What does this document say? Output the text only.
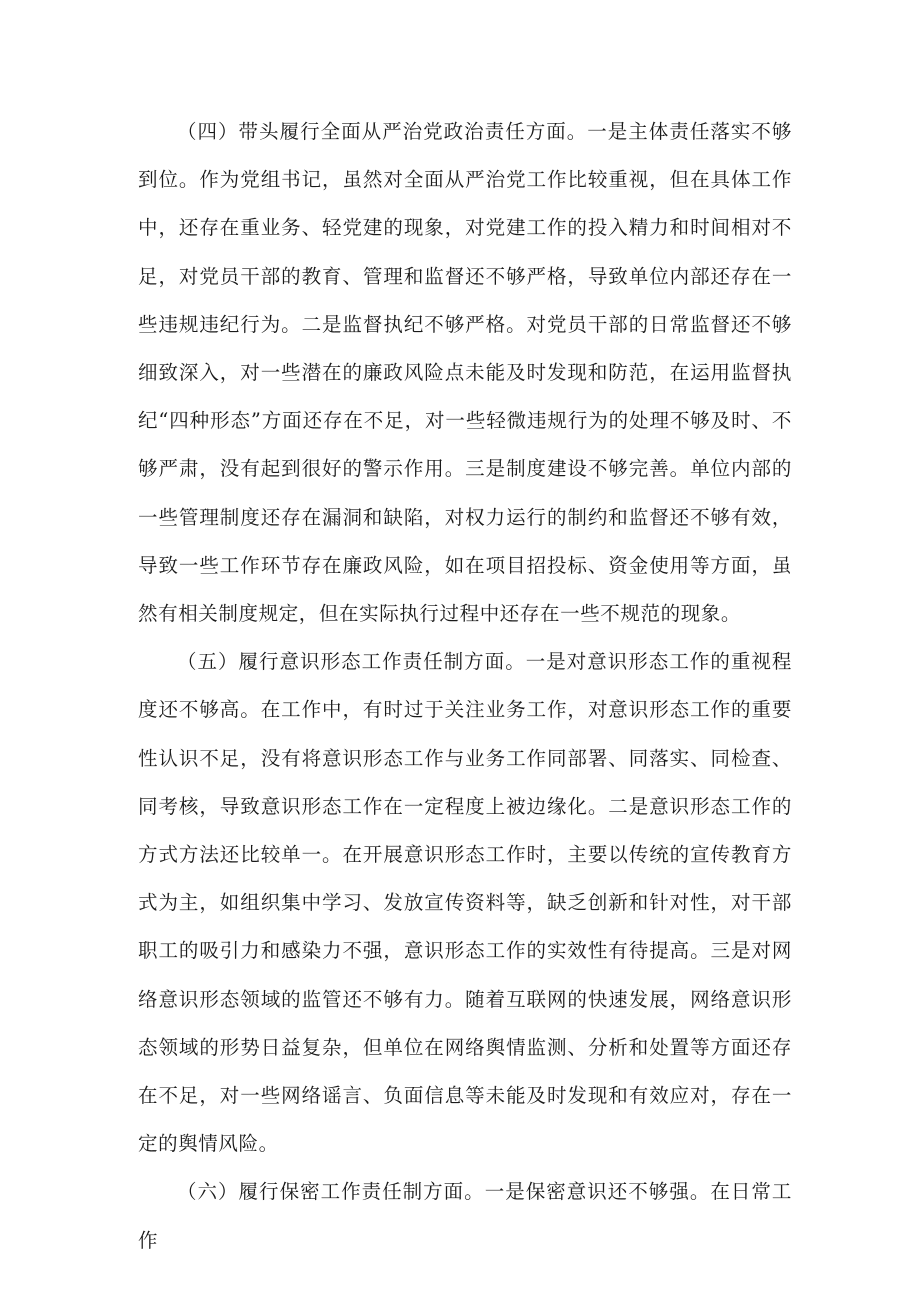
（四）带头履行全面从严治党政治责任方面。一是主体责任落实不够到位。作为党组书记，虽然对全面从严治党工作比较重视，但在具体工作中，还存在重业务、轻党建的现象，对党建工作的投入精力和时间相对不足，对党员干部的教育、管理和监督还不够严格，导致单位内部还存在一些违规违纪行为。二是监督执纪不够严格。对党员干部的日常监督还不够细致深入，对一些潜在的廉政风险点未能及时发现和防范，在运用监督执纪“四种形态”方面还存在不足，对一些轻微违规行为的处理不够及时、不够严肃，没有起到很好的警示作用。三是制度建设不够完善。单位内部的一些管理制度还存在漏洞和缺陷，对权力运行的制约和监督还不够有效，导致一些工作环节存在廉政风险，如在项目招投标、资金使用等方面，虽然有相关制度规定，但在实际执行过程中还存在一些不规范的现象。

（五）履行意识形态工作责任制方面。一是对意识形态工作的重视程度还不够高。在工作中，有时过于关注业务工作，对意识形态工作的重要性认识不足，没有将意识形态工作与业务工作同部署、同落实、同检查、同考核，导致意识形态工作在一定程度上被边缘化。二是意识形态工作的方式方法还比较单一。在开展意识形态工作时，主要以传统的宣传教育方式为主，如组织集中学习、发放宣传资料等，缺乏创新和针对性，对干部职工的吸引力和感染力不强，意识形态工作的实效性有待提高。三是对网络意识形态领域的监管还不够有力。随着互联网的快速发展，网络意识形态领域的形势日益复杂，但单位在网络舆情监测、分析和处置等方面还存在不足，对一些网络谣言、负面信息等未能及时发现和有效应对，存在一定的舆情风险。

（六）履行保密工作责任制方面。一是保密意识还不够强。在日常工作
